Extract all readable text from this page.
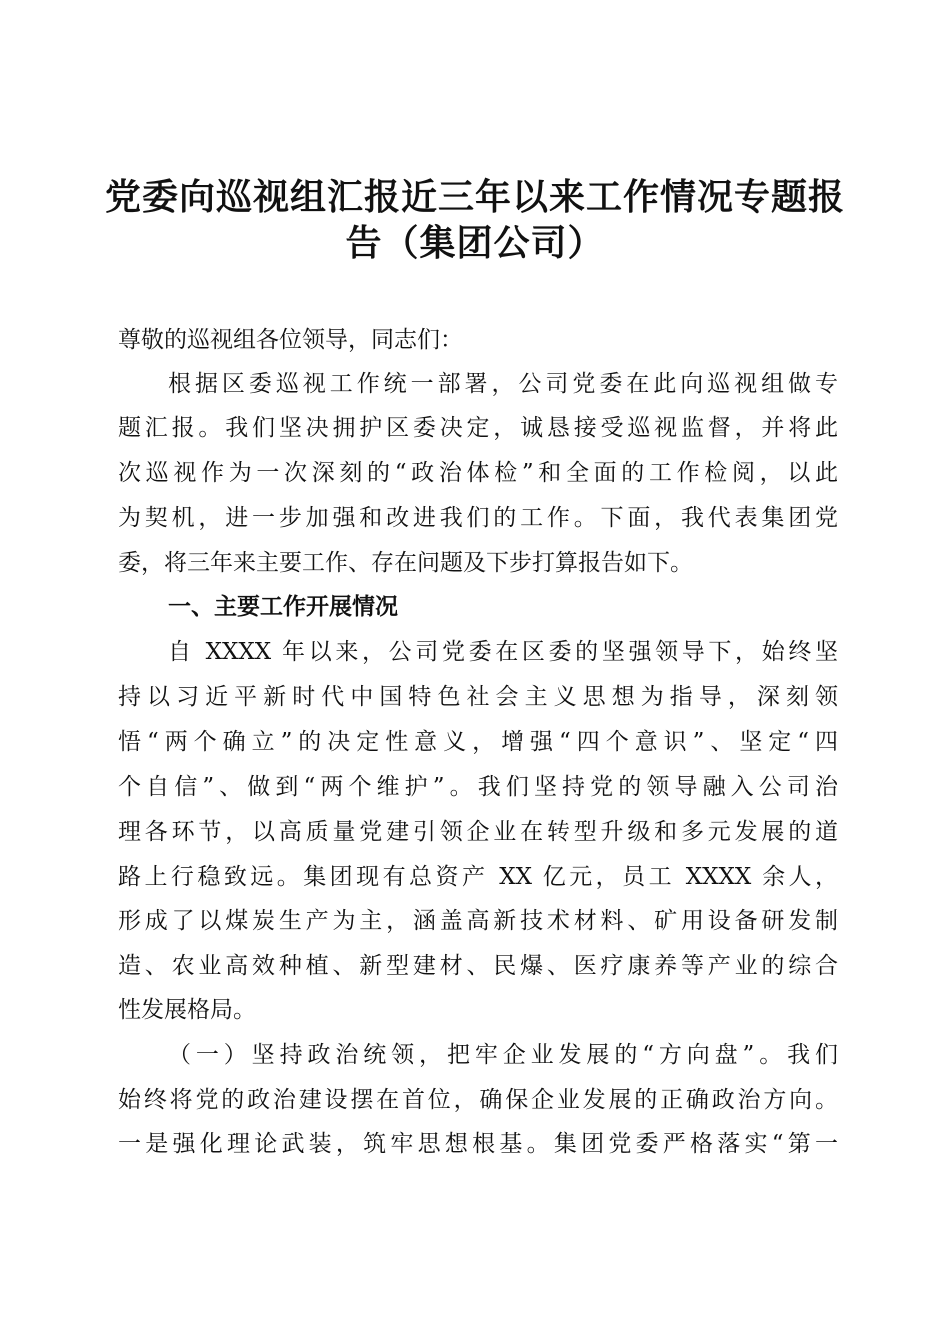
党委向巡视组汇报近三年以来工作情况专题报
告（集团公司）
尊敬的巡视组各位领导，同志们：
根据区委巡视工作统一部署，公司党委在此向巡视组做专
题汇报。我们坚决拥护区委决定，诚恳接受巡视监督，并将此
次巡视作为一次深刻的“政治体检”和全面的工作检阅，以此
为契机，进一步加强和改进我们的工作。下面，我代表集团党
委，将三年来主要工作、存在问题及下步打算报告如下。
一、主要工作开展情况
自 XXXX 年以来，公司党委在区委的坚强领导下，始终坚
持以习近平新时代中国特色社会主义思想为指导，深刻领
悟“两个确立”的决定性意义，增强“四个意识”、坚定“四
个自信”、做到“两个维护”。我们坚持党的领导融入公司治
理各环节，以高质量党建引领企业在转型升级和多元发展的道
路上行稳致远。集团现有总资产 XX 亿元，员工 XXXX 余人，
形成了以煤炭生产为主，涵盖高新技术材料、矿用设备研发制
造、农业高效种植、新型建材、民爆、医疗康养等产业的综合
性发展格局。
（一）坚持政治统领，把牢企业发展的“方向盘”。我们
始终将党的政治建设摆在首位，确保企业发展的正确政治方向。
一是强化理论武装，筑牢思想根基。集团党委严格落实“第一
